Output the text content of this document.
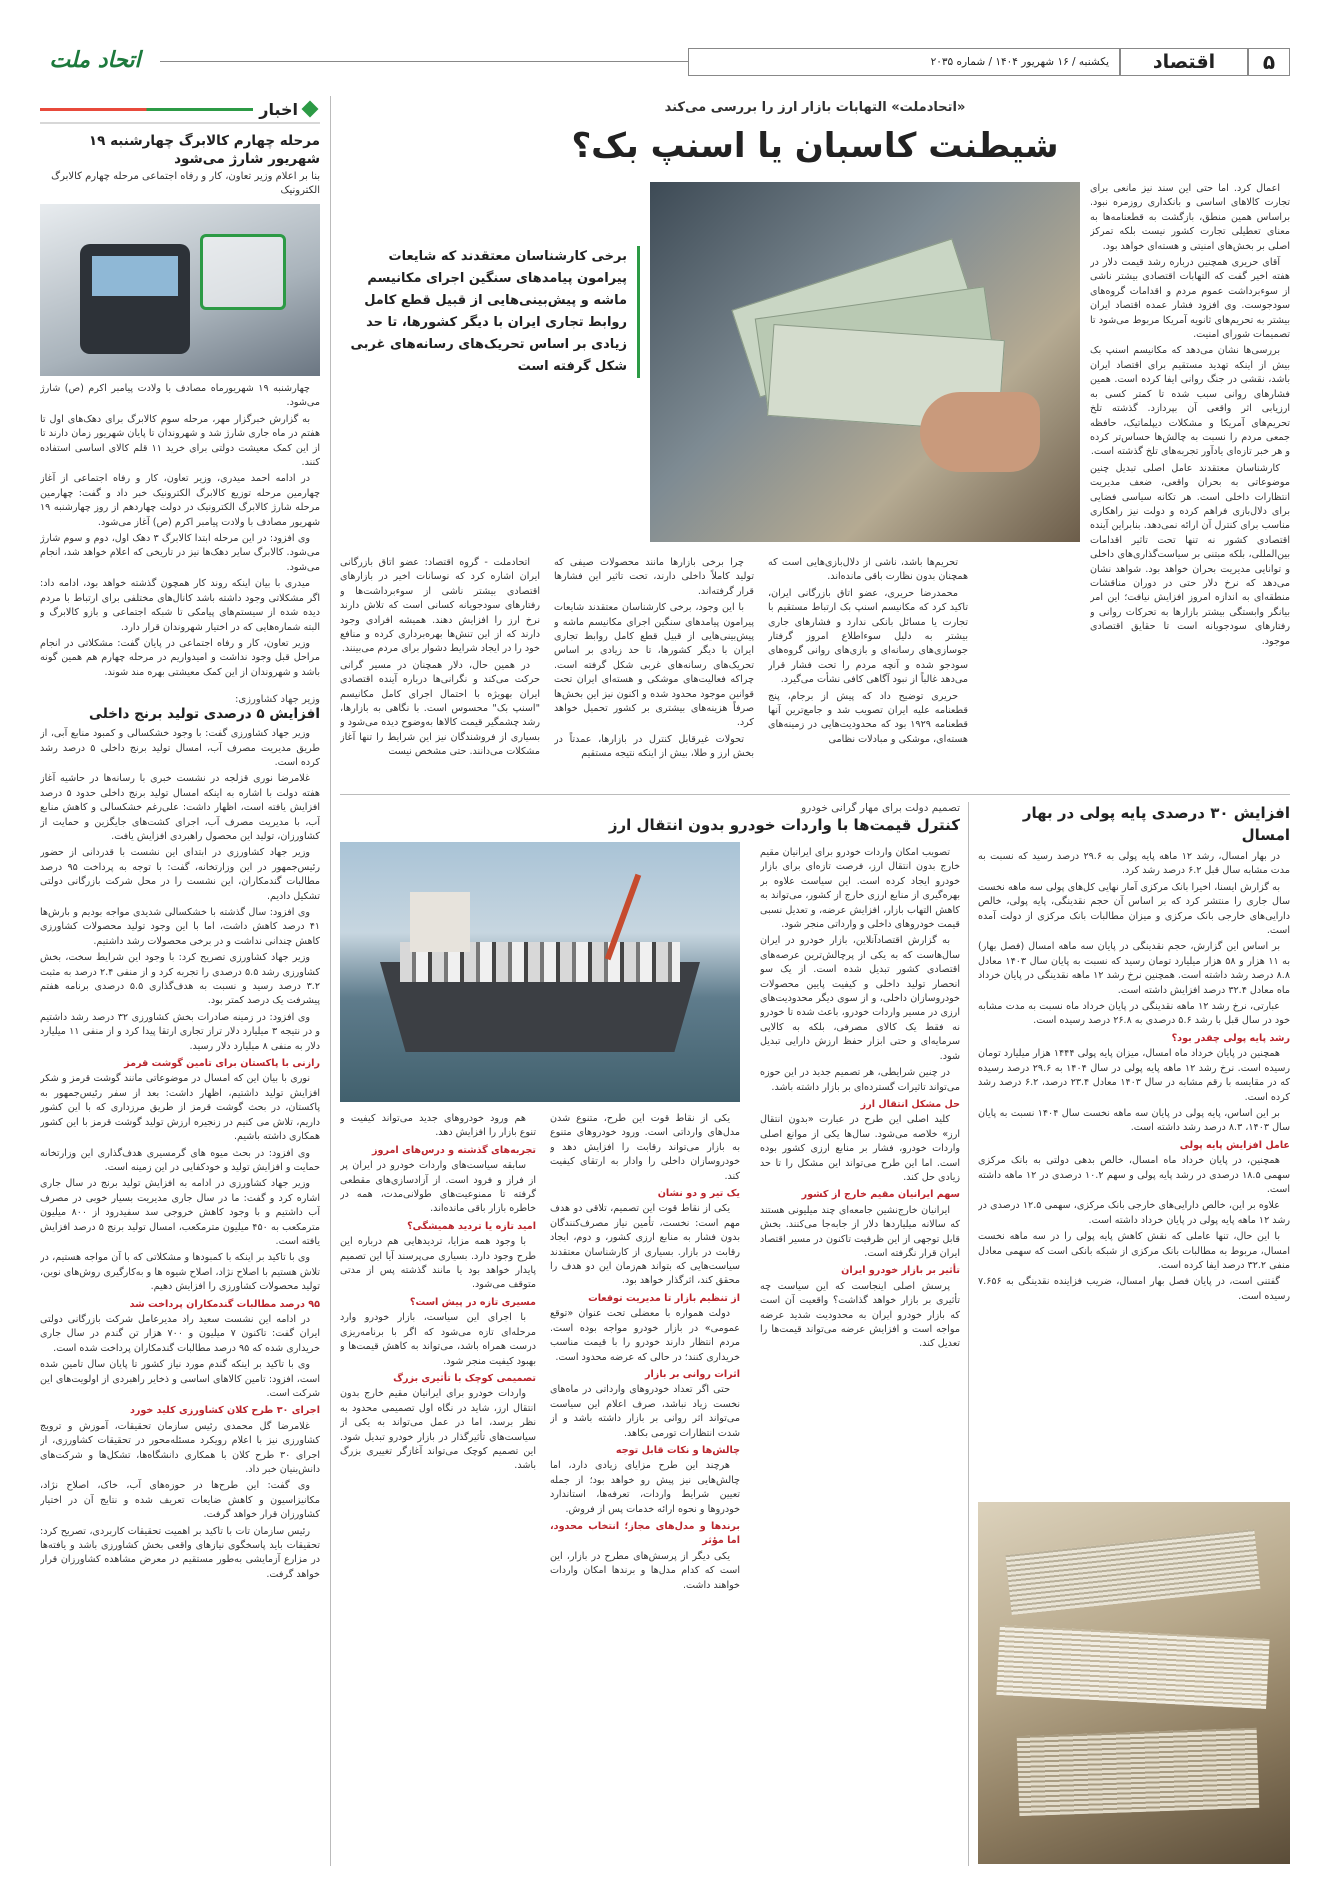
۵
اقتصاد
یکشنبه / ۱۶ شهریور ۱۴۰۴ / شماره ۲۰۳۵
اتحاد ملت
اخبار
مرحله چهارم کالابرگ چهارشنبه ۱۹ شهریور شارژ می‌شود
بنا بر اعلام وزیر تعاون، کار و رفاه اجتماعی مرحله چهارم کالابرگ الکترونیک

چهارشنبه ۱۹ شهریورماه مصادف با ولادت پیامبر اکرم (ص) شارژ می‌شود.

به گزارش خبرگزار مهر، مرحله سوم کالابرگ برای دهک‌های اول تا هفتم در ماه جاری شارژ شد و شهروندان تا پایان شهریور زمان دارند تا از این کمک معیشت دولتی برای خرید ۱۱ قلم کالای اساسی استفاده کنند.

در ادامه احمد میدری، وزیر تعاون، کار و رفاه اجتماعی از آغاز چهارمین مرحله توزیع کالابرگ الکترونیک خبر داد و گفت: چهارمین مرحله شارژ کالابرگ الکترونیک در دولت چهاردهم از روز چهارشنبه ۱۹ شهریور مصادف با ولادت پیامبر اکرم (ص) آغاز می‌شود.

وی افزود: در این مرحله ابتدا کالابرگ ۳ دهک اول، دوم و سوم شارژ می‌شود. کالابرگ سایر دهک‌ها نیز در تاریخی که اعلام خواهد شد، انجام می‌شود.

میدری با بیان اینکه روند کار همچون گذشته خواهد بود، ادامه داد: اگر مشکلاتی وجود داشته باشد کانال‌های مختلفی برای ارتباط با مردم دیده شده از سیستم‌های پیامکی تا شبکه اجتماعی و بازو کالابرگ و البته شماره‌هایی که در اختیار شهروندان قرار دارد.

وزیر تعاون، کار و رفاه اجتماعی در پایان گفت: مشکلاتی در انجام مراحل قبل وجود نداشت و امیدواریم در مرحله چهارم هم همین گونه باشد و شهروندان از این کمک معیشتی بهره مند شوند.

وزیر جهاد کشاورزی:
افزایش ۵ درصدی تولید برنج داخلی

وزیر جهاد کشاورزی گفت: با وجود خشکسالی و کمبود منابع آبی، از طریق مدیریت مصرف آب، امسال تولید برنج داخلی ۵ درصد رشد کرده است.

غلامرضا نوری قزلجه در نشست خبری با رسانه‌ها در حاشیه آغاز هفته دولت با اشاره به اینکه امسال تولید برنج داخلی حدود ۵ درصد افزایش یافته است، اظهار داشت: علی‌رغم خشکسالی و کاهش منابع آب، با مدیریت مصرف آب، اجرای کشت‌های جایگزین و حمایت از کشاورزان، تولید این محصول راهبردی افزایش یافت.

وزیر جهاد کشاورزی در ابتدای این نشست با قدردانی از حضور رئیس‌جمهور در این وزارتخانه، گفت: با توجه به پرداخت ۹۵ درصد مطالبات گندمکاران، این نشست را در محل شرکت بازرگانی دولتی تشکیل دادیم.

وی افزود: سال گذشته با خشکسالی شدیدی مواجه بودیم و بارش‌ها ۴۱ درصد کاهش داشت، اما با این وجود تولید محصولات کشاورزی کاهش چندانی نداشت و در برخی محصولات رشد داشتیم.

وزیر جهاد کشاورزی تصریح کرد: با وجود این شرایط سخت، بخش کشاورزی رشد ۵.۵ درصدی را تجربه کرد و از منفی ۲.۴ درصد به مثبت ۳.۲ درصد رسید و نسبت به هدف‌گذاری ۵.۵ درصدی برنامه هفتم پیشرفت یک درصد کمتر بود.

وی افزود: در زمینه صادرات بخش کشاورزی ۳۲ درصد رشد داشتیم و در نتیجه ۳ میلیارد دلار تراز تجاری ارتقا پیدا کرد و از منفی ۱۱ میلیارد دلار به منفی ۸ میلیارد دلار رسید.

رازنی با پاکستان برای تامین گوشت قرمز

نوری با بیان این که امسال در موضوعاتی مانند گوشت قرمز و شکر افزایش تولید داشتیم، اظهار داشت: بعد از سفر رئیس‌جمهور به پاکستان، در بحث گوشت قرمز از طریق مرزداری که با این کشور داریم، تلاش می کنیم در زنجیره ارزش تولید گوشت قرمز با این کشور همکاری داشته باشیم.

وی افزود: در بحث میوه های گرمسیری هدف‌گذاری این وزارتخانه حمایت و افزایش تولید و خودکفایی در این زمینه است.

وزیر جهاد کشاورزی در ادامه به افزایش تولید برنج در سال جاری اشاره کرد و گفت: ما در سال جاری مدیریت بسیار خوبی در مصرف آب داشتیم و با وجود کاهش خروجی سد سفیدرود از ۸۰۰ میلیون مترمکعب به ۴۵۰ میلیون مترمکعب، امسال تولید برنج ۵ درصد افزایش یافته است.

وی با تاکید بر اینکه با کمبودها و مشکلاتی که با آن مواجه هستیم، در تلاش هستیم با اصلاح نژاد، اصلاح شیوه ها و به‌کارگیری روش‌های نوین، تولید محصولات کشاورزی را افزایش دهیم.

۹۵ درصد مطالبات گندمکاران پرداخت شد

در ادامه این نشست سعید راد مدیرعامل شرکت بازرگانی دولتی ایران گفت: تاکنون ۷ میلیون و ۷۰۰ هزار تن گندم در سال جاری خریداری شده که ۹۵ درصد مطالبات گندمکاران پرداخت شده است.

وی با تاکید بر اینکه گندم مورد نیاز کشور تا پایان سال تامین شده است، افزود: تامین کالاهای اساسی و ذخایر راهبردی از اولویت‌های این شرکت است.

اجرای ۳۰ طرح کلان کشاورزی کلید خورد

غلامرضا گل محمدی رئیس سازمان تحقیقات، آموزش و ترویج کشاورزی نیز با اعلام رویکرد مسئله‌محور در تحقیقات کشاورزی، از اجرای ۳۰ طرح کلان با همکاری دانشگاه‌ها، تشکل‌ها و شرکت‌های دانش‌بنیان خبر داد.

وی گفت: این طرح‌ها در حوزه‌های آب، خاک، اصلاح نژاد، مکانیزاسیون و کاهش ضایعات تعریف شده و نتایج آن در اختیار کشاورزان قرار خواهد گرفت.

رئیس سازمان تات با تاکید بر اهمیت تحقیقات کاربردی، تصریح کرد: تحقیقات باید پاسخگوی نیازهای واقعی بخش کشاورزی باشد و یافته‌ها در مزارع آزمایشی به‌طور مستقیم در معرض مشاهده کشاورزان قرار خواهد گرفت.

«اتحادملت» التهابات بازار ارز را بررسی می‌کند
شیطنت کاسبان یا اسنپ بک؟

اعمال کرد. اما حتی این سند نیز مانعی برای تجارت کالاهای اساسی و بانکداری روزمره نبود. براساس همین منطق، بازگشت به قطعنامه‌ها به معنای تعطیلی تجارت کشور نیست بلکه تمرکز اصلی بر بخش‌های امنیتی و هسته‌ای خواهد بود.

آقای حریری همچنین درباره رشد قیمت دلار در هفته اخیر گفت که التهابات اقتصادی بیشتر ناشی از سوءبرداشت عموم مردم و اقدامات گروه‌های سودجوست. وی افزود فشار عمده اقتصاد ایران بیشتر به تحریم‌های ثانویه آمریکا مربوط می‌شود تا تصمیمات شورای امنیت.

بررسی‌ها نشان می‌دهد که مکانیسم اسنپ بک بیش از اینکه تهدید مستقیم برای اقتصاد ایران باشد، نقشی در جنگ روانی ایفا کرده است. همین فشارهای روانی سبب شده تا کمتر کسی به ارزیابی اثر واقعی آن بپردازد. گذشته تلخ تحریم‌های آمریکا و مشکلات دیپلماتیک، حافظه جمعی مردم را نسبت به چالش‌ها حساس‌تر کرده و هر خبر تازه‌ای یادآور تجربه‌های تلخ گذشته است.

کارشناسان معتقدند عامل اصلی تبدیل چنین موضوعاتی به بحران واقعی، ضعف مدیریت انتظارات داخلی است. هر تکانه سیاسی فضایی برای دلال‌بازی فراهم کرده و دولت نیز راهکاری مناسب برای کنترل آن ارائه نمی‌دهد. بنابراین آینده اقتصادی کشور نه تنها تحت تاثیر اقدامات بین‌المللی، بلکه مبتنی بر سیاست‌گذاری‌های داخلی و توانایی مدیریت بحران خواهد بود. شواهد نشان می‌دهد که نرخ دلار حتی در دوران مناقشات منطقه‌ای به اندازه امروز افزایش نیافت؛ این امر بیانگر وابستگی بیشتر بازارها به تحرکات روانی و رفتارهای سودجویانه است تا حقایق اقتصادی موجود.

برخی کارشناسان معتقدند که شایعات پیرامون پیامدهای سنگین اجرای مکانیسم ماشه و پیش‌بینی‌هایی از قبیل قطع کامل روابط تجاری ایران با دیگر کشورها، تا حد زیادی بر اساس تحریک‌های رسانه‌های غربی شکل گرفته است

اتحادملت - گروه اقتصاد: عضو اتاق بازرگانی ایران اشاره کرد که نوسانات اخیر در بازارهای اقتصادی بیشتر ناشی از سوءبرداشت‌ها و رفتارهای سودجویانه کسانی است که تلاش دارند نرخ ارز را افزایش دهند. همیشه افرادی وجود دارند که از این تنش‌ها بهره‌برداری کرده و منافع خود را در ایجاد شرایط دشوار برای مردم می‌بینند.

در همین حال، دلار همچنان در مسیر گرانی حرکت می‌کند و نگرانی‌ها درباره آینده اقتصادی ایران بهویژه با احتمال اجرای کامل مکانیسم "اسنپ بک" محسوس است. با نگاهی به بازارها، رشد چشمگیر قیمت کالاها به‌وضوح دیده می‌شود و بسیاری از فروشندگان نیز این شرایط را تنها آغاز مشکلات می‌دانند. حتی مشخص نیست

چرا برخی بازارها مانند محصولات صیفی که تولید کاملاً داخلی دارند، تحت تاثیر این فشارها قرار گرفته‌اند.

با این وجود، برخی کارشناسان معتقدند شایعات پیرامون پیامدهای سنگین اجرای مکانیسم ماشه و پیش‌بینی‌هایی از قبیل قطع کامل روابط تجاری ایران با دیگر کشورها، تا حد زیادی بر اساس تحریک‌های رسانه‌های غربی شکل گرفته است. چراکه فعالیت‌های موشکی و هسته‌ای ایران تحت قوانین موجود محدود شده و اکنون نیز این بخش‌ها صرفاً هزینه‌های بیشتری بر کشور تحمیل خواهد کرد.

تحولات غیرقابل کنترل در بازارها، عمدتاً در بخش ارز و طلا، بیش از اینکه نتیجه مستقیم

تحریم‌ها باشد، ناشی از دلال‌بازی‌هایی است که همچنان بدون نظارت باقی مانده‌اند.

محمدرضا حریری، عضو اتاق بازرگانی ایران، تاکید کرد که مکانیسم اسنپ بک ارتباط مستقیم با تجارت یا مسائل بانکی ندارد و فشارهای جاری بیشتر به دلیل سوءاطلاع امروز گرفتار جوسازی‌های رسانه‌ای و بازی‌های روانی گروه‌های سودجو شده و آنچه مردم را تحت فشار قرار می‌دهد غالباً از نبود آگاهی کافی نشأت می‌گیرد.

حریری توضیح داد که پیش از برجام، پنج قطعنامه علیه ایران تصویب شد و جامع‌ترین آنها قطعنامه ۱۹۲۹ بود که محدودیت‌هایی در زمینه‌های هسته‌ای، موشکی و مبادلات نظامی

تصمیم دولت برای مهار گرانی خودرو
کنترل قیمت‌ها با واردات خودرو بدون انتقال ارز

تصویب امکان واردات خودرو برای ایرانیان مقیم خارج بدون انتقال ارز، فرصت تازه‌ای برای بازار خودرو ایجاد کرده است. این سیاست علاوه بر بهره‌گیری از منابع ارزی خارج از کشور، می‌تواند به کاهش التهاب بازار، افزایش عرضه، و تعدیل نسبی قیمت خودروهای داخلی و وارداتی منجر شود.

به گزارش اقتصادآنلاین، بازار خودرو در ایران سال‌هاست که به یکی از پرچالش‌ترین عرصه‌های اقتصادی کشور تبدیل شده است. از یک سو انحصار تولید داخلی و کیفیت پایین محصولات خودروسازان داخلی، و از سوی دیگر محدودیت‌های ارزی در مسیر واردات خودرو، باعث شده تا خودرو نه فقط یک کالای مصرفی، بلکه به کالایی سرمایه‌ای و حتی ابزار حفظ ارزش دارایی تبدیل شود.

در چنین شرایطی، هر تصمیم جدید در این حوزه می‌تواند تاثیرات گسترده‌ای بر بازار داشته باشد.

حل مشکل انتقال ارز

کلید اصلی این طرح در عبارت «بدون انتقال ارز» خلاصه می‌شود. سال‌ها یکی از موانع اصلی واردات خودرو، فشار بر منابع ارزی کشور بوده است. اما این طرح می‌تواند این مشکل را تا حد زیادی حل کند.

سهم ایرانیان مقیم خارج از کشور

ایرانیان خارج‌نشین جامعه‌ای چند میلیونی هستند که سالانه میلیاردها دلار از جابه‌جا می‌کنند. بخش قابل توجهی از این ظرفیت تاکنون در مسیر اقتصاد ایران قرار نگرفته است.

تأثیر بر بازار خودرو ایران

پرسش اصلی اینجاست که این سیاست چه تأثیری بر بازار خواهد گذاشت؟ واقعیت آن است که بازار خودرو ایران به محدودیت شدید عرضه مواجه است و افزایش عرضه می‌تواند قیمت‌ها را تعدیل کند.

یکی از نقاط قوت این طرح، متنوع شدن مدل‌های وارداتی است. ورود خودروهای متنوع به بازار می‌تواند رقابت را افزایش دهد و خودروسازان داخلی را وادار به ارتقای کیفیت کند.

یک تیر و دو نشان

یکی از نقاط قوت این تصمیم، تلاقی دو هدف مهم است: نخست، تأمین نیاز مصرف‌کنندگان بدون فشار به منابع ارزی کشور، و دوم، ایجاد رقابت در بازار. بسیاری از کارشناسان معتقدند سیاست‌هایی که بتواند هم‌زمان این دو هدف را محقق کند، اثرگذار خواهد بود.

از تنظیم بازار تا مدیریت توقعات

دولت همواره با معضلی تحت عنوان «توقع عمومی» در بازار خودرو مواجه بوده است. مردم انتظار دارند خودرو را با قیمت مناسب خریداری کنند؛ در حالی که عرضه محدود است.

اثرات روانی بر بازار

حتی اگر تعداد خودروهای وارداتی در ماه‌های نخست زیاد نباشد، صرف اعلام این سیاست می‌تواند اثر روانی بر بازار داشته باشد و از شدت انتظارات تورمی بکاهد.

چالش‌ها و نکات قابل توجه

هرچند این طرح مزایای زیادی دارد، اما چالش‌هایی نیز پیش رو خواهد بود؛ از جمله تعیین شرایط واردات، تعرفه‌ها، استاندارد خودروها و نحوه ارائه خدمات پس از فروش.

برندها و مدل‌های مجاز؛ انتخاب محدود، اما مؤثر

یکی دیگر از پرسش‌های مطرح در بازار، این است که کدام مدل‌ها و برندها امکان واردات خواهند داشت.

هم ورود خودروهای جدید می‌تواند کیفیت و تنوع بازار را افزایش دهد.

تجربه‌های گذشته و درس‌های امروز

سابقه سیاست‌های واردات خودرو در ایران پر از فراز و فرود است. از آزادسازی‌های مقطعی گرفته تا ممنوعیت‌های طولانی‌مدت، همه در خاطره بازار باقی مانده‌اند.

امید تازه یا تردید همیشگی؟

با وجود همه مزایا، تردیدهایی هم درباره این طرح وجود دارد. بسیاری می‌پرسند آیا این تصمیم پایدار خواهد بود یا مانند گذشته پس از مدتی متوقف می‌شود.

مسیری تازه در پیش است؟

با اجرای این سیاست، بازار خودرو وارد مرحله‌ای تازه می‌شود که اگر با برنامه‌ریزی درست همراه باشد، می‌تواند به کاهش قیمت‌ها و بهبود کیفیت منجر شود.

تصمیمی کوچک با تأثیری بزرگ

واردات خودرو برای ایرانیان مقیم خارج بدون انتقال ارز، شاید در نگاه اول تصمیمی محدود به نظر برسد، اما در عمل می‌تواند به یکی از سیاست‌های تأثیرگذار در بازار خودرو تبدیل شود. این تصمیم کوچک می‌تواند آغازگر تغییری بزرگ باشد.

افزایش ۳۰ درصدی پایه پولی در بهار امسال

در بهار امسال، رشد ۱۲ ماهه پایه پولی به ۲۹.۶ درصد رسید که نسبت به مدت مشابه سال قبل ۶.۲ درصد رشد کرد.

به گزارش ایسنا، اخیرا بانک مرکزی آمار نهایی کل‌های پولی سه ماهه نخست سال جاری را منتشر کرد که بر اساس آن حجم نقدینگی، پایه پولی، خالص دارایی‌های خارجی بانک مرکزی و میزان مطالبات بانک مرکزی از دولت آمده است.

بر اساس این گزارش، حجم نقدینگی در پایان سه ماهه امسال (فصل بهار) به ۱۱ هزار و ۵۸ هزار میلیارد تومان رسید که نسبت به پایان سال ۱۴۰۳ معادل ۸.۸ درصد رشد داشته است. همچنین نرخ رشد ۱۲ ماهه نقدینگی در پایان خرداد ماه معادل ۳۲.۴ درصد افزایش داشته است.

عبارتی، نرخ رشد ۱۲ ماهه نقدینگی در پایان خرداد ماه نسبت به مدت مشابه خود در سال قبل با رشد ۵.۶ درصدی به ۲۶.۸ درصد رسیده است.

رشد پایه پولی چقدر بود؟

همچنین در پایان خرداد ماه امسال، میزان پایه پولی ۱۴۴۴ هزار میلیارد تومان رسیده است. نرخ رشد ۱۲ ماهه پایه پولی در سال ۱۴۰۴ به ۲۹.۶ درصد رسیده که در مقایسه با رقم مشابه در سال ۱۴۰۳ معادل ۲۳.۴ درصد، ۶.۲ درصد رشد کرده است.

بر این اساس، پایه پولی در پایان سه ماهه نخست سال ۱۴۰۴ نسبت به پایان سال ۱۴۰۳، ۸.۳ درصد رشد داشته است.

عامل افزایش پایه پولی

همچنین، در پایان خرداد ماه امسال، خالص بدهی دولتی به بانک مرکزی سهمی ۱۸.۵ درصدی در رشد پایه پولی و سهم ۱۰.۲ درصدی در ۱۲ ماهه داشته است.

علاوه بر این، خالص دارایی‌های خارجی بانک مرکزی، سهمی ۱۲.۵ درصدی در رشد ۱۲ ماهه پایه پولی در پایان خرداد داشته است.

با این حال، تنها عاملی که نقش کاهش پایه پولی را در سه ماهه نخست امسال، مربوط به مطالبات بانک مرکزی از شبکه بانکی است که سهمی معادل منفی ۳۲.۲ درصد ایفا کرده است.

گفتنی است، در پایان فصل بهار امسال، ضریب فزاینده نقدینگی به ۷.۶۵۶ رسیده است.
